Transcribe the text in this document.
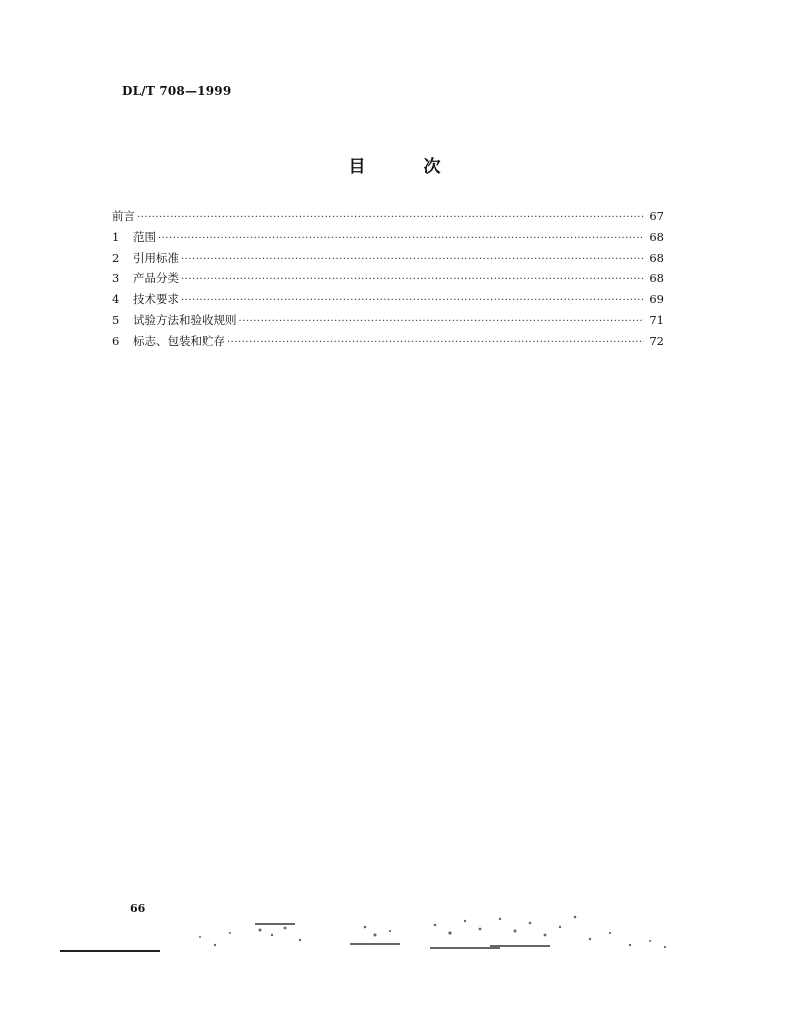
DL/T 708—1999
目	次
前言 ·····	67
1	范围 ·····	68
2	引用标准 ·····	68
3	产品分类 ·····	68
4	技术要求 ·····	69
5	试验方法和验收规则 ·····	71
6	标志、包装和贮存 ·····	72
66
